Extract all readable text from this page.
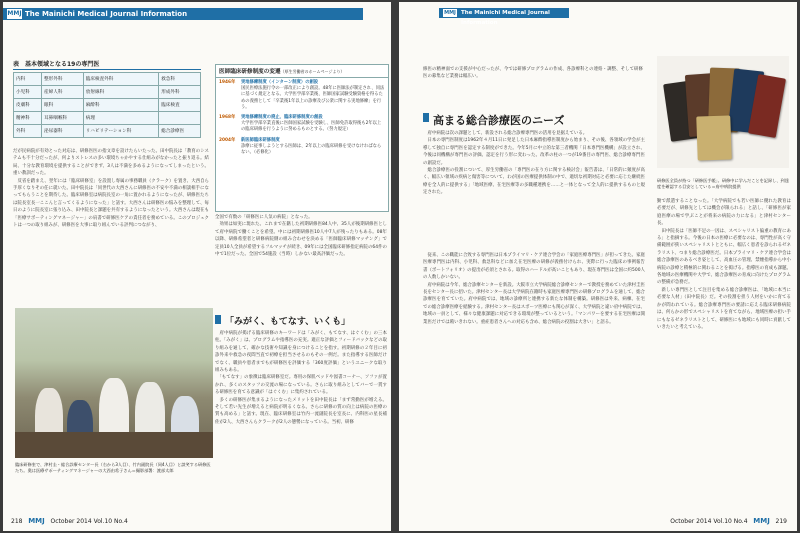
MMJ The Mainichi Medical Journal Information
表　基本領域となる19の専門医
内科	整形外科	臨床検査外科	救急科
小児科	産婦人科	放射線科	形成外科
皮膚科	眼科	麻酔科	臨床検査
精神科	耳鼻咽喉科	病理	
外科	泌尿器科	リハビリテーション科	総合診療医
医師臨床研修制度の変遷（厚生労働省のホームページより）
1946年	実地修練制度（インターン制度）の創設
国民医療法施行令の一部改正により創設。48年に医師法が制定され、同法に基づく規定となる。大学医学部卒業後、医師国家試験受験資格を得るための義務として「卒業後1年以上の診療及び公衆に関する実地修練」を行う。
1968年	実地修練制度の廃止、臨床研修制度の創設
大学医学部卒業直後に医師国家試験を受験し、医師免許取得後も2年以上の臨床研修を行うように努めるものとする。（努力規定）
2004年	新医師臨床研修制度
診療に従事しようとする医師は、2年以上の臨床研修を受けなければならない。（必修化）
だが民病院が有効とった対応は、研修医医の指文章を設けたらいたった。田中院長は「教育のシステムも不十分だったが、何よりストレスの多い環境ちゃかやする仕組みがなかったと振り返る。結局、十分な教育環境を提供することができず、3人は不満を多めるようになってしまったという。重い教訓だった。
　反省を踏まえ、翌年には「臨床研修室」を設置し専属の事務職員（クラーク）を置き、大西自ら手厚くなりその任に就いた。田中院長は「同世代の大西さんに研修医の不安や不満の相談相手になってもらうことを期待した。臨床研修室は病院長室の一角に置かれるようになったが、研修医たちは院長室長一ここんと言ってくるようになった」と話す。大西さんは研修医の悩みを整理して、毎日のように院長室に張り込み、田中院長と課題を共有するようになったという。大西さんは現在も「医療サポーティングマネージャー」の肩書で研修医ケアの責任者を務めている。このプロジェクトは一つの取り組みが、研修医を大事に取り組んでいる評判につながり、
全国で有数の「研修医に人気の病院」となった。
　効果は如実に現れた。これまで在籍した初期研修医84人中、35人が後期研修医として府中病院で働くことを希望。中には初期研修医10人中7人が残ったりもある。08年以降、研修希望者と研修病院側の組み合わせを決める「医師臨床研修マッチング」で定員10人全員が希望するフルマッチが続き、09年には全国臨床研修指定病院の64件の中で1位だった。全国で54施設（当時）しかない最高評価だった。
「みがく、もてなす、いくも」
　府中病院が掲げる臨床研修のキーワードは「みがく、もてなす、はぐくむ」の三本柱。「みがく」は、プログラムや指導医の充実。適正な評価とフィードバックなどの取り組みを通して、確かな技術や知識を身につけることを指す。初期研修の２年目に初診外来や救急の夜間当直で初療を担当させるのもその一例だ。また指導する医師だけでなく、職員や患者までもが研修医を評価する「360度評価」というユニークな取り組みもある。
　「もてなす」の象徴は臨床研修室だ。専用の保肌ベッドや図書コーナー、ソファが置かれ、多くのスタッフの交流の場になっている。さらに取り組みとしてバーで一貫する研修医を育てる意識が「はぐくむ」に集約されている。
　多くの研修医が集まるようになったメリットを田中院長は「まず常勤医が増える。そして若い先生が増えると病院が明るくなる。さらに研修の質の向上は病院の医療の質も高める」と話す。現在、臨床研修室は竹内一流副院長を室長に、内科医の星長補佐が2人、大西さんらクラークが2人の態勢になっている。当初、研修
臨床研修室で、津村圭・総合診療センター長（右から3人目）、竹内副院長（同4人目）と談笑する研修医たち。奥は医療サポーティングマネージャーの大西由希子さん＝撮影部署：渡部太郎
218 MMJ October 2014 Vol.10 No.4
MMJ The Mainichi Medical Journal Information
修医の精神面での支援が中心だったが、今では研修プログラムの作成、各診療科との連絡・調整、そして研修医の募集など業務は幅広い。
高まる総合診療医のニーズ
　府中病院は次の課題として、新設される総合診療専門医の活用を見据えている。
　日本の専門医制度は1962年４月11日に発足した日本麻酔指導医制度から始まり、その後、各領域の学会が主導して独自に専門医を認定する制度ができた。今年5月に中立的な第三者機関「日本専門医機構」が設立され、今後は同機構が専門医の評価、認定を行う形に変わった。改革の柱の一つが19番目の専門医、総合診療専門医の創設だ。
　総合診療医の役割について、厚生労働省の「専門医の在り方に関する検討会」報告書は、「日常的に頻度が高く、幅広い領域の疾病と傷害等について、わが国の医療提供体制の中で、適切な初期対応と必要に応じた継続医療を全人的に提供する」「地域医療、在宅医療等の多職種連携を……と一体となって全人的に提供するものと規定された。
　従来、この職能に合致する専門医は日本プライマリ・ケア連合学会の「家庭医療専門医」が担ってきた。家庭医療専門医は内科、小児科、救急科などに加え在宅医療の研修が義務付けられ、実際に行った臨床の事例報告書（ポートフォリオ）の提出が必須とされる。取得のハードルが高いこともあり、現在専門医は全国に約500人の人数しかいない。
　府中病院は今年、総合診療センターを新設。大阪市立大学病院総合診療センターで教授を務めていた津村圭医長をセンター長に招いた。津村センター長は大学病院在籍時も家庭医療専門医の研修プログラムを通して、総合診療医を育てていた。府中病院では、地域の診療所と連携する新たな体制を構築。研修医は外来、病棟、在宅での総合診療医療を経験する。津村センター長はスポーツ医療にも関心が深く、大学病院と違い府中病院では、地域の一員として、様々な健康課題に対応できる環境が整っているという。「マンパワーを要する在宅医療は開業医だけでは賄いきれない。重症患者さんへの対応も含め、総合病院の役割は大きい」と語る。
研修医全員が持つ「研修医手帳」。研修中に学んだことを記録し、到達度を確認する目安としている＝府中病院提供
勤で派遣することなった。「大学病院でも若い医師に優れた教育は必要だが、研修先としては機会が限られる」と話し、「研修医が家庭医療の場で学ぶことが将来の病院の力になる」と津村センター長。
　田中院長は「医師不足の一因は、スペシャリスト偏重の教育にある」と指摘する。今後の日本の医療に必要なのは、専門性が高く守備範囲が狭いスペシャリストとともに、幅広く患者を診られるゼネラリスト、つまり総合診療医だ。日本プライマリ・ケア連合学会は総合診療医のあるべき姿として、高血圧の管理、禁煙指導から中小病院の診療と積極的に関わることを掲げる。指導医の育成も課題。各地域の医療機関や大学で、総合診療医の育成に向けたプログラムの整備が急務だ。
　新しい専門医として注目を集める総合診療医は、「地域に本当に必要な人材」（田中院長）だ。その役割を担う人材をいかに育てるかが問われている。総合診療専門医の要請に応える臨床研修病院は、何らかの形でスペシャリストを育てながら、地域医療の担い手にもなるゼネラリストとして、研修医にも地域にも同時に貢献していきたいと考えている。
October 2014 Vol.10 No.4 MMJ 219
